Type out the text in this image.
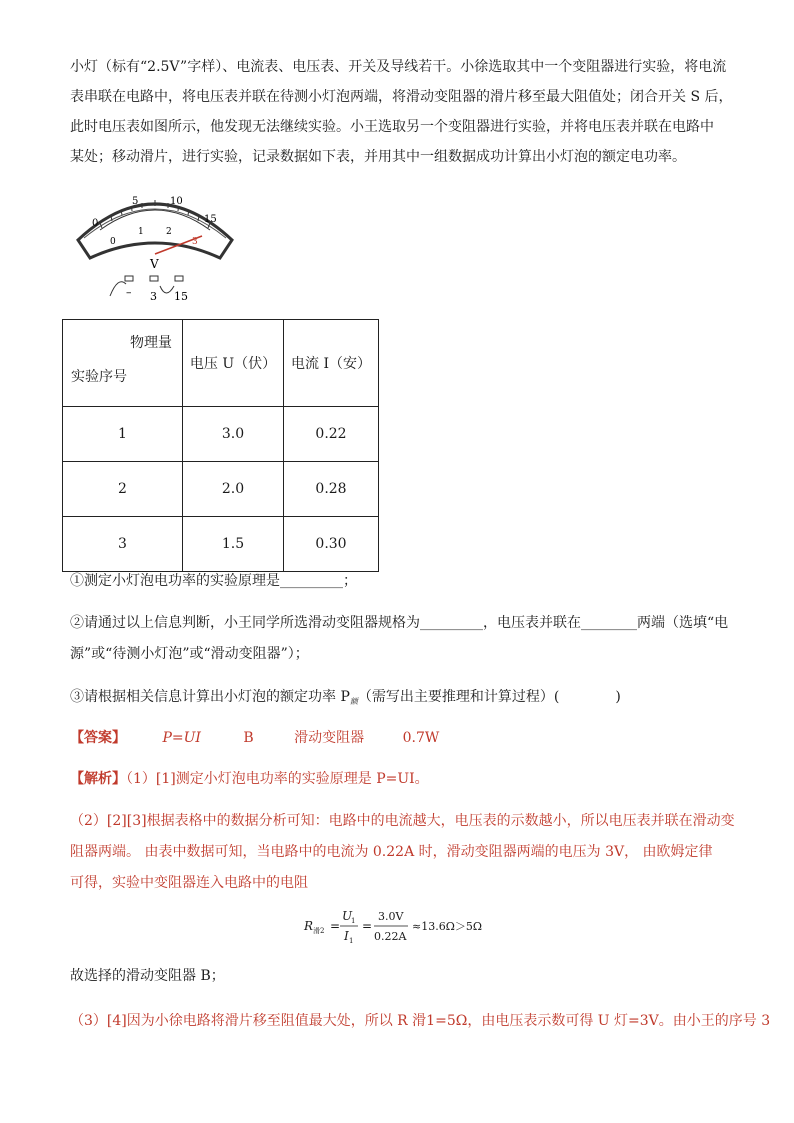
小灯（标有“2.5V”字样）、电流表、电压表、开关及导线若干。小徐选取其中一个变阻器进行实验，将电流
表串联在电路中，将电压表并联在待测小灯泡两端，将滑动变阻器的滑片移至最大阻值处；闭合开关 S 后，
此时电压表如图所示，他发现无法继续实验。小王选取另一个变阻器进行实验，并将电压表并联在电路中
某处；移动滑片，进行实验，记录数据如下表，并用其中一组数据成功计算出小灯泡的额定电功率。
0
5	10
15
0
1 2
3
V
– 3 15
物理量
实验序号	电压 U（伏）	电流 I（安）
1	3.0	0.22
2	2.0	0.28
3	1.5	0.30
①测定小灯泡电功率的实验原理是_________；
②请通过以上信息判断，小王同学所选滑动变阻器规格为_________，电压表并联在________两端（选填“电
源”或“待测小灯泡”或“滑动变阻器”）；
③请根据相关信息计算出小灯泡的额定功率 $P_额$（需写出主要推理和计算过程）(　　　　)
【答案】	P=UI	B	滑动变阻器	0.7W
【解析】（1）[1]测定小灯泡电功率的实验原理是 P=UI。
（2）[2][3]根据表格中的数据分析可知：电路中的电流越大，电压表的示数越小，所以电压表并联在滑动变
阻器两端。 由表中数据可知，当电路中的电流为 0.22A 时，滑动变阻器两端的电压为 3V， 由欧姆定律
可得，实验中变阻器连入电路中的电阻
R 滑2 =
U
1
I 1
=
3.0V
0.22A
≈13.6Ω＞5Ω
故选择的滑动变阻器 B；
（3）[4]因为小徐电路将滑片移至阻值最大处，所以 R 滑1=5Ω，由电压表示数可得 U 灯=3V。由小王的序号 3
